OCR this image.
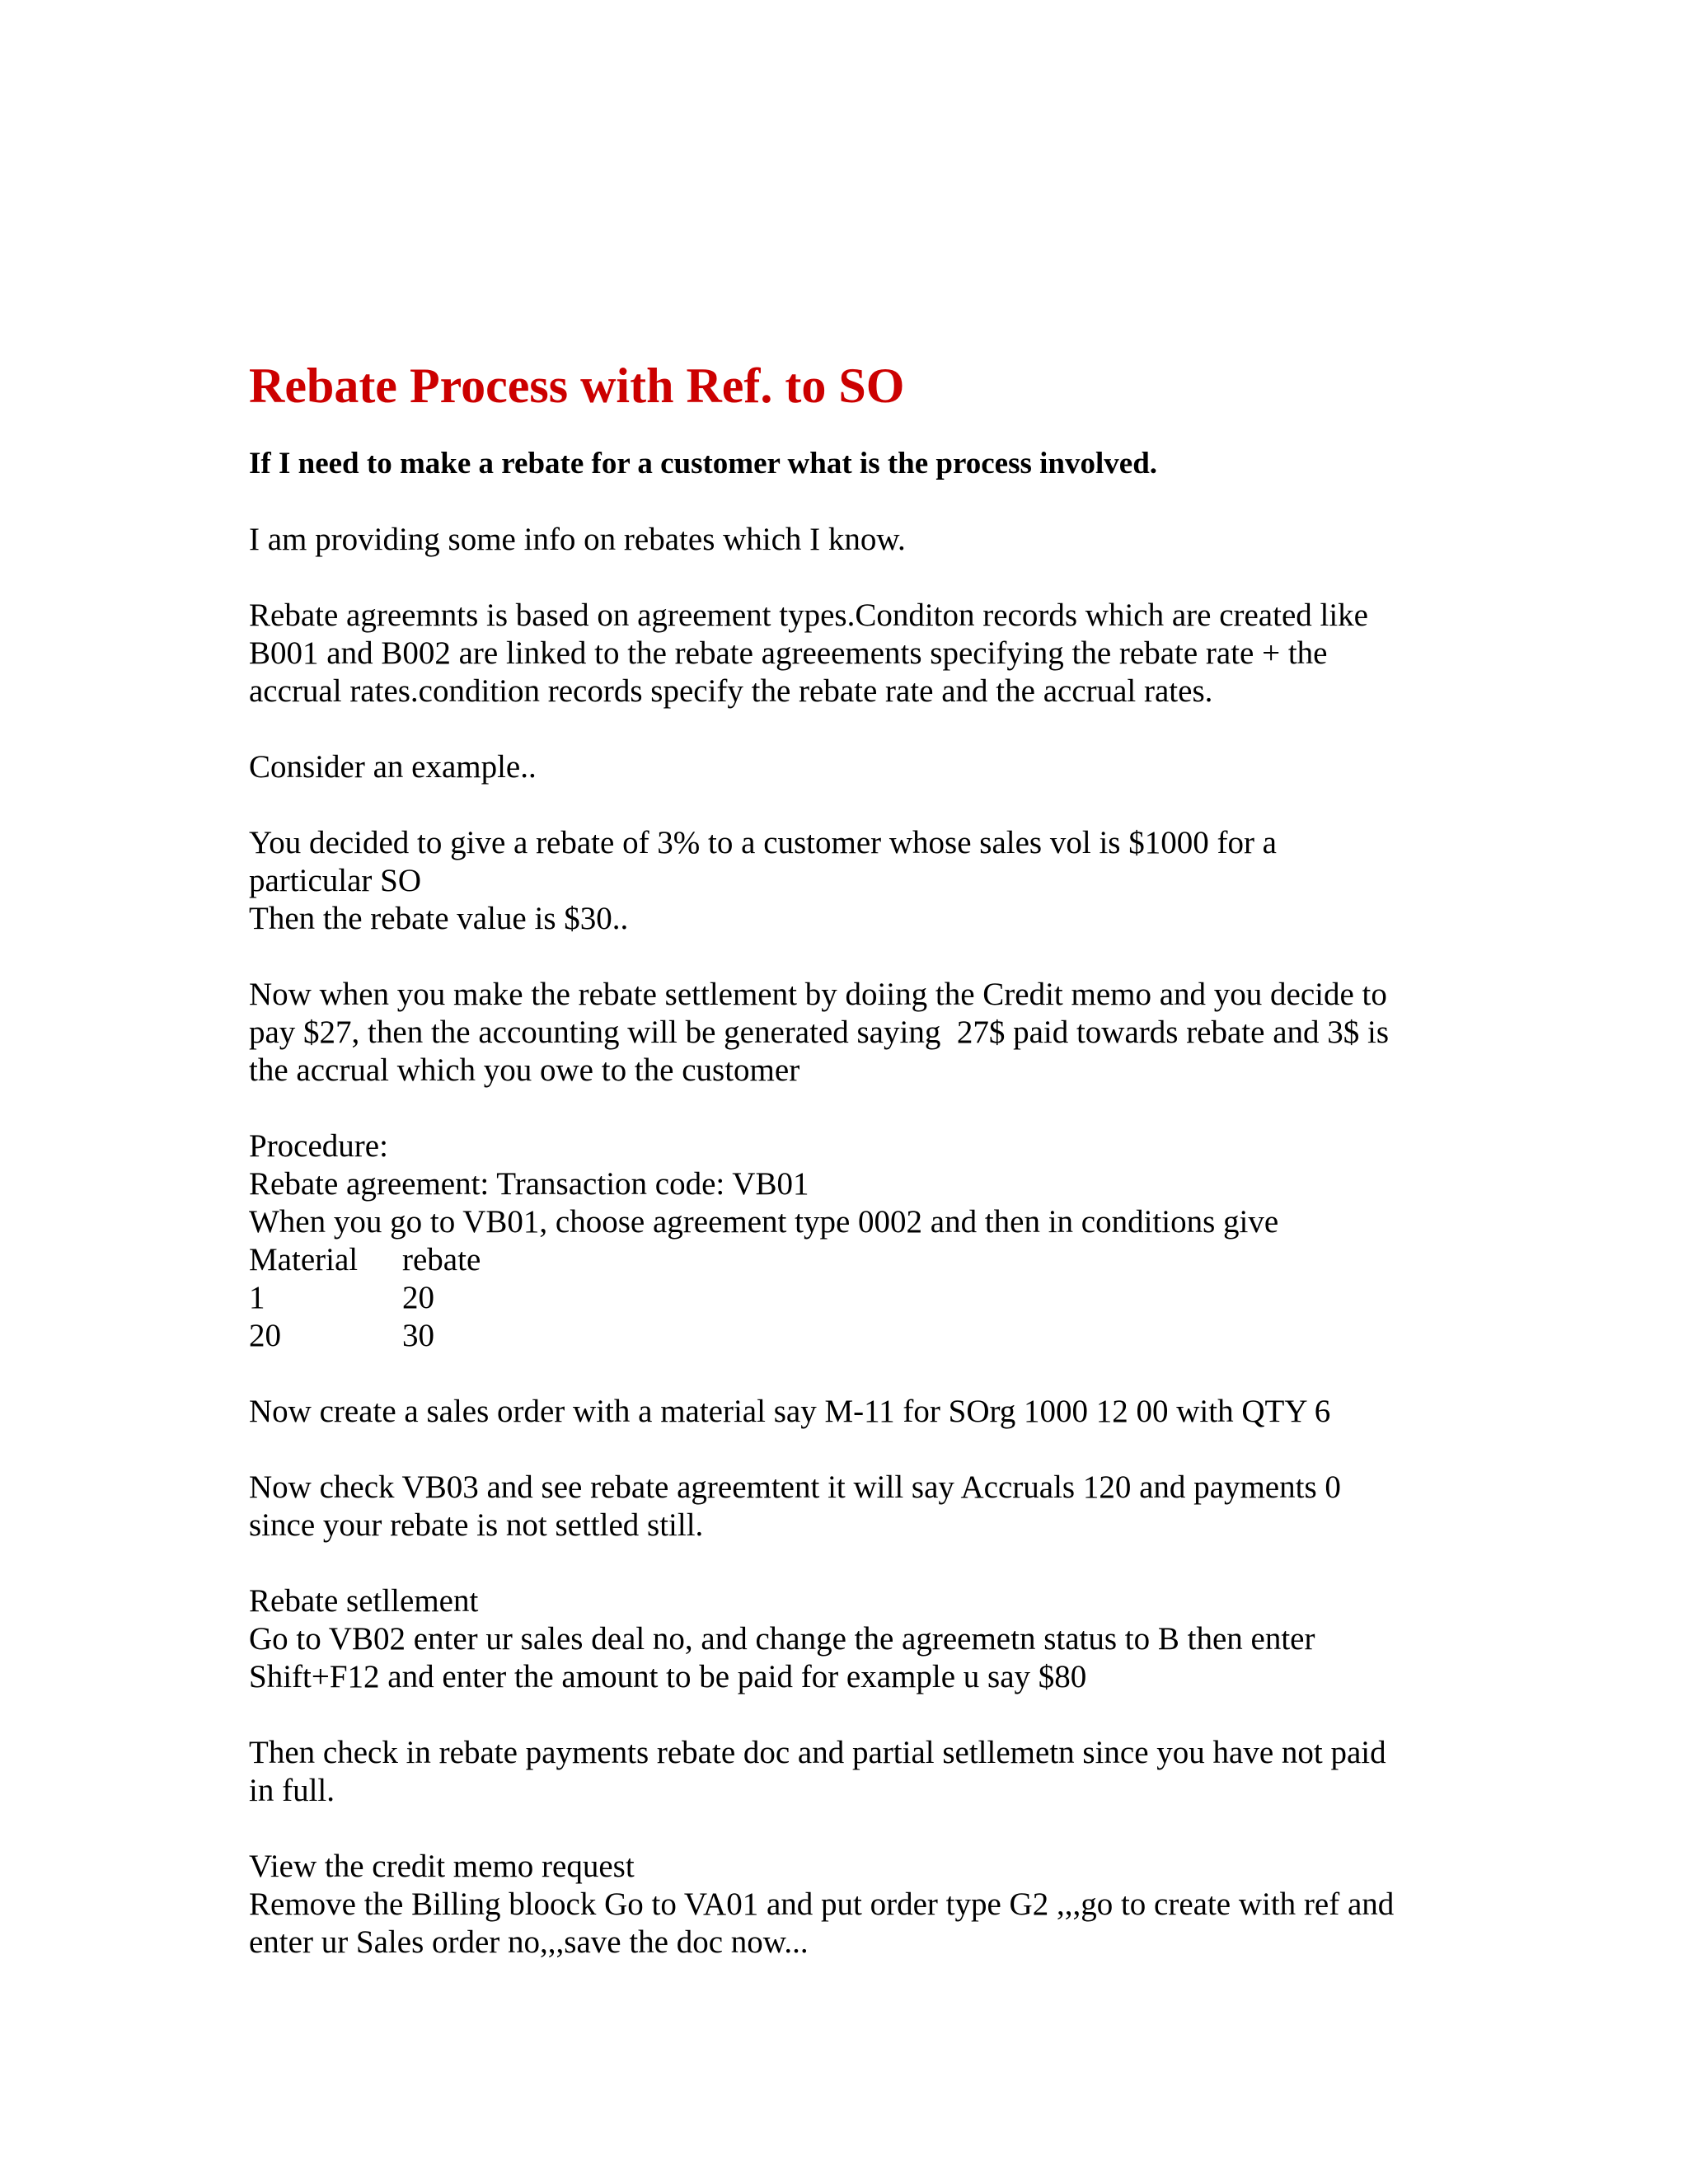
Rebate Process with Ref. to SO
If I need to make a rebate for a customer what is the process involved.
I am providing some info on rebates which I know.
Rebate agreemnts is based on agreement types.Conditon records which are created like
B001 and B002 are linked to the rebate agreeements specifying the rebate rate + the
accrual rates.condition records specify the rebate rate and the accrual rates.
Consider an example..
You decided to give a rebate of 3% to a customer whose sales vol is $1000 for a
particular SO
Then the rebate value is $30..
Now when you make the rebate settlement by doiing the Credit memo and you decide to
pay $27, then the accounting will be generated saying  27$ paid towards rebate and 3$ is
the accrual which you owe to the customer
Procedure:
Rebate agreement: Transaction code: VB01
When you go to VB01, choose agreement type 0002 and then in conditions give
Material rebate
1	20
20	30
Now create a sales order with a material say M-11 for SOrg 1000 12 00 with QTY 6
Now check VB03 and see rebate agreemtent it will say Accruals 120 and payments 0
since your rebate is not settled still.
Rebate setllement
Go to VB02 enter ur sales deal no, and change the agreemetn status to B then enter
Shift+F12 and enter the amount to be paid for example u say $80
Then check in rebate payments rebate doc and partial setllemetn since you have not paid
in full.
View the credit memo request
Remove the Billing bloock Go to VA01 and put order type G2 ,,,go to create with ref and
enter ur Sales order no,,,save the doc now...
